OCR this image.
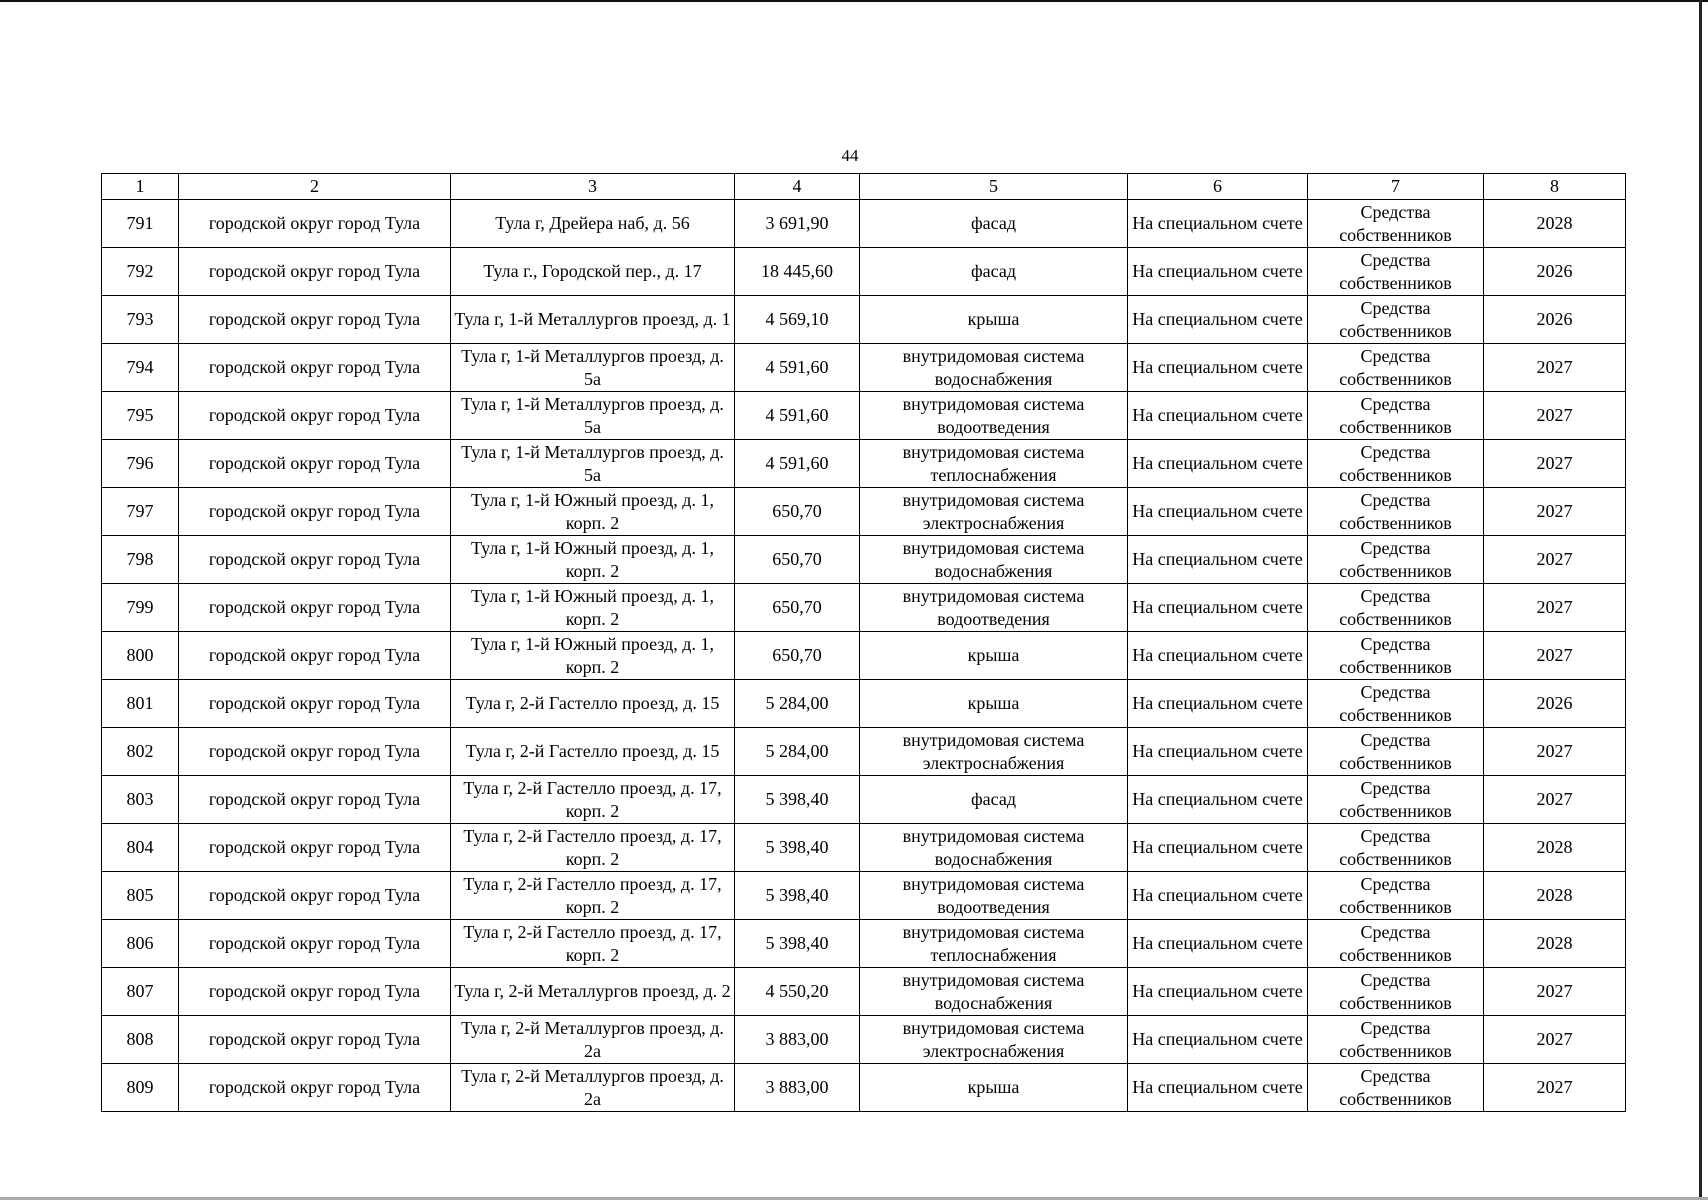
44
1	2	3	4	5	6	7	8
791	городской округ город Тула	Тула г, Дрейера наб, д. 56	3 691,90	фасад	На специальном счете	Средства собственников	2028
792	городской округ город Тула	Тула г., Городской пер., д. 17	18 445,60	фасад	На специальном счете	Средства собственников	2026
793	городской округ город Тула	Тула г, 1-й Металлургов проезд, д. 1	4 569,10	крыша	На специальном счете	Средства собственников	2026
794	городской округ город Тула	Тула г, 1-й Металлургов проезд, д. 5а	4 591,60	внутридомовая система водоснабжения	На специальном счете	Средства собственников	2027
795	городской округ город Тула	Тула г, 1-й Металлургов проезд, д. 5а	4 591,60	внутридомовая система водоотведения	На специальном счете	Средства собственников	2027
796	городской округ город Тула	Тула г, 1-й Металлургов проезд, д. 5а	4 591,60	внутридомовая система теплоснабжения	На специальном счете	Средства собственников	2027
797	городской округ город Тула	Тула г, 1-й Южный проезд, д. 1, корп. 2	650,70	внутридомовая система электроснабжения	На специальном счете	Средства собственников	2027
798	городской округ город Тула	Тула г, 1-й Южный проезд, д. 1, корп. 2	650,70	внутридомовая система водоснабжения	На специальном счете	Средства собственников	2027
799	городской округ город Тула	Тула г, 1-й Южный проезд, д. 1, корп. 2	650,70	внутридомовая система водоотведения	На специальном счете	Средства собственников	2027
800	городской округ город Тула	Тула г, 1-й Южный проезд, д. 1, корп. 2	650,70	крыша	На специальном счете	Средства собственников	2027
801	городской округ город Тула	Тула г, 2-й Гастелло проезд, д. 15	5 284,00	крыша	На специальном счете	Средства собственников	2026
802	городской округ город Тула	Тула г, 2-й Гастелло проезд, д. 15	5 284,00	внутридомовая система электроснабжения	На специальном счете	Средства собственников	2027
803	городской округ город Тула	Тула г, 2-й Гастелло проезд, д. 17, корп. 2	5 398,40	фасад	На специальном счете	Средства собственников	2027
804	городской округ город Тула	Тула г, 2-й Гастелло проезд, д. 17, корп. 2	5 398,40	внутридомовая система водоснабжения	На специальном счете	Средства собственников	2028
805	городской округ город Тула	Тула г, 2-й Гастелло проезд, д. 17, корп. 2	5 398,40	внутридомовая система водоотведения	На специальном счете	Средства собственников	2028
806	городской округ город Тула	Тула г, 2-й Гастелло проезд, д. 17, корп. 2	5 398,40	внутридомовая система теплоснабжения	На специальном счете	Средства собственников	2028
807	городской округ город Тула	Тула г, 2-й Металлургов проезд, д. 2	4 550,20	внутридомовая система водоснабжения	На специальном счете	Средства собственников	2027
808	городской округ город Тула	Тула г, 2-й Металлургов проезд, д. 2а	3 883,00	внутридомовая система электроснабжения	На специальном счете	Средства собственников	2027
809	городской округ город Тула	Тула г, 2-й Металлургов проезд, д. 2а	3 883,00	крыша	На специальном счете	Средства собственников	2027
